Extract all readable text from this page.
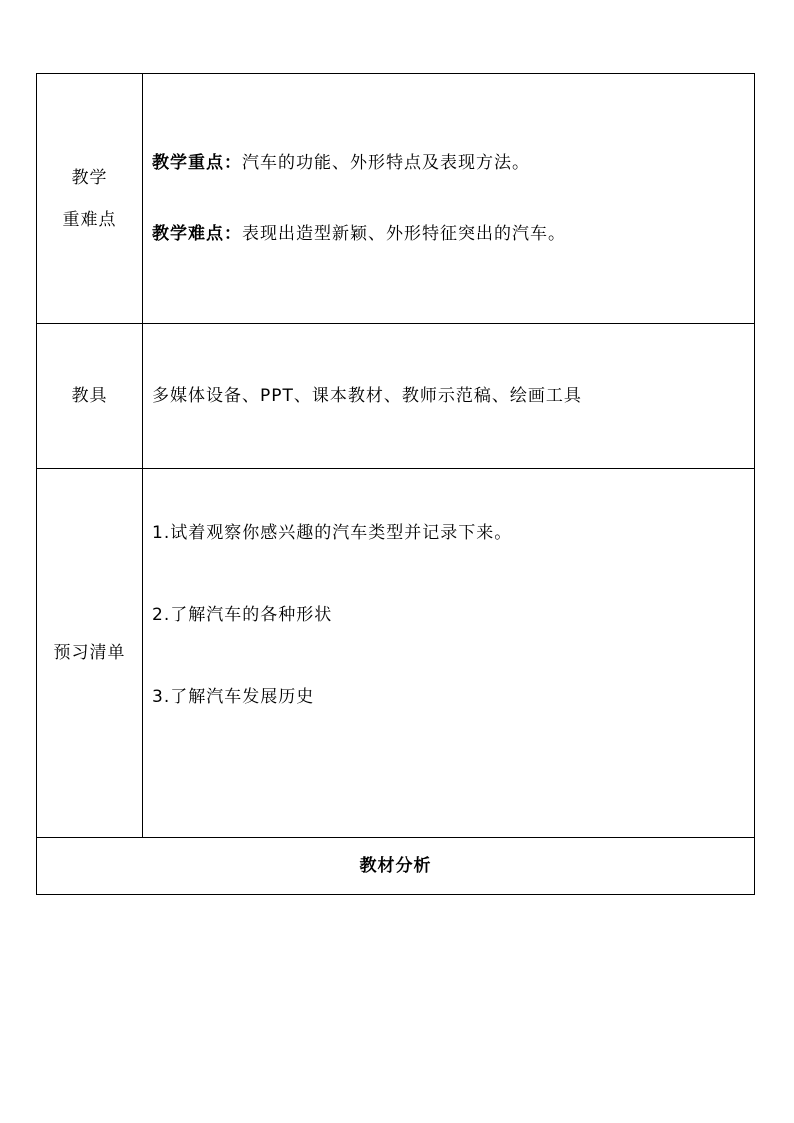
教学
重难点	教学重点：汽车的功能、外形特点及表现方法。
教学难点：表现出造型新颖、外形特征突出的汽车。

教具	多媒体设备、PPT、课本教材、教师示范稿、绘画工具
预习清单	1.试着观察你感兴趣的汽车类型并记录下来。
2.了解汽车的各种形状
3.了解汽车发展历史

教材分析	
